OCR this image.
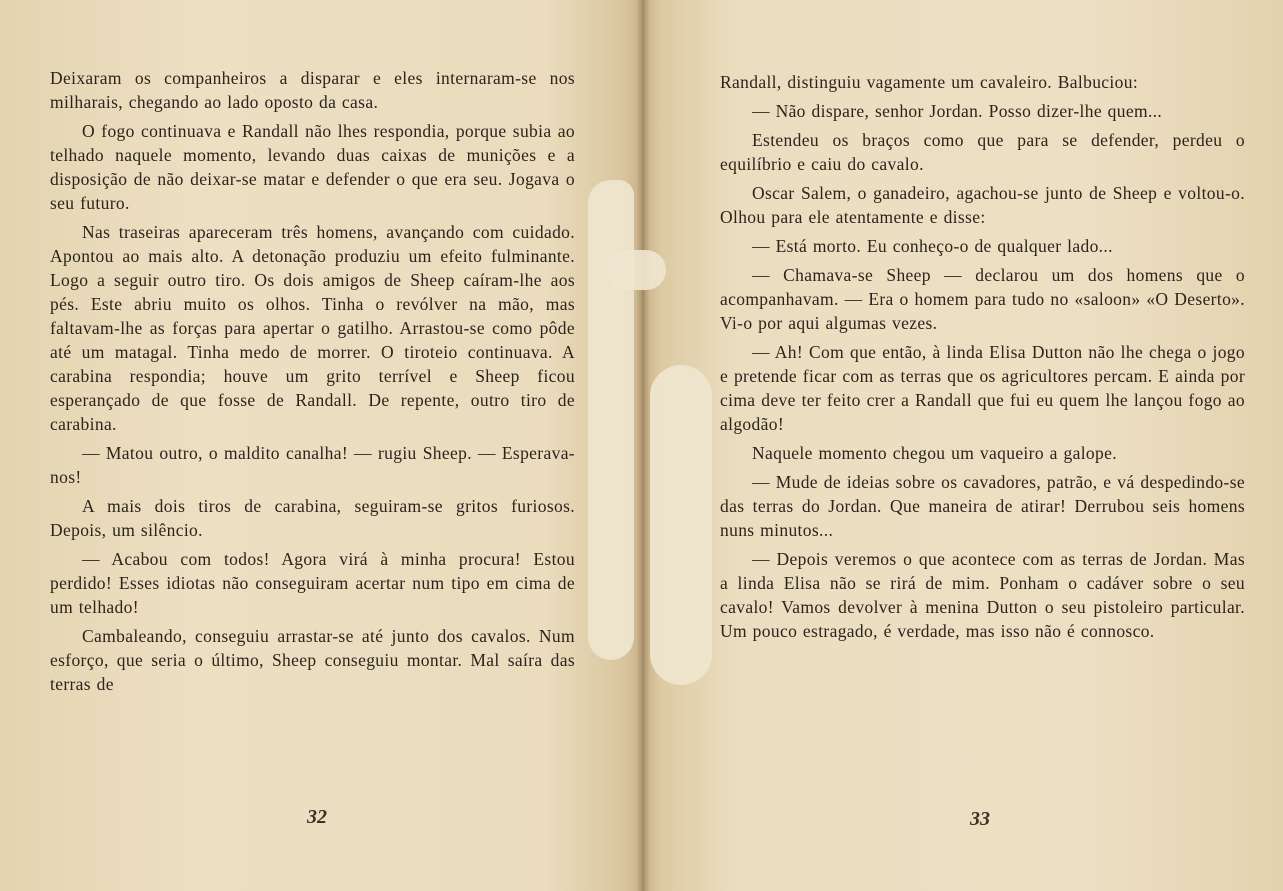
Deixaram os companheiros a disparar e eles internaram-se nos milharais, chegando ao lado oposto da casa.

O fogo continuava e Randall não lhes respondia, porque subia ao telhado naquele momento, levando duas caixas de munições e a disposição de não deixar-se matar e defender o que era seu. Jogava o seu futuro.

Nas traseiras apareceram três homens, avançando com cuidado. Apontou ao mais alto. A detonação produziu um efeito fulminante. Logo a seguir outro tiro. Os dois amigos de Sheep caíram-lhe aos pés. Este abriu muito os olhos. Tinha o revólver na mão, mas faltavam-lhe as forças para apertar o gatilho. Arrastou-se como pôde até um matagal. Tinha medo de morrer. O tiroteio continuava. A carabina respondia; houve um grito terrível e Sheep ficou esperançado de que fosse de Randall. De repente, outro tiro de carabina.

— Matou outro, o maldito canalha! — rugiu Sheep. — Esperava-nos!

A mais dois tiros de carabina, seguiram-se gritos furiosos. Depois, um silêncio.

— Acabou com todos! Agora virá à minha procura! Estou perdido! Esses idiotas não conseguiram acertar num tipo em cima de um telhado!

Cambaleando, conseguiu arrastar-se até junto dos cavalos. Num esforço, que seria o último, Sheep conseguiu montar. Mal saíra das terras de

32

Randall, distinguiu vagamente um cavaleiro. Balbuciou:

— Não dispare, senhor Jordan. Posso dizer-lhe quem...

Estendeu os braços como que para se defender, perdeu o equilíbrio e caiu do cavalo.

Oscar Salem, o ganadeiro, agachou-se junto de Sheep e voltou-o. Olhou para ele atentamente e disse:

— Está morto. Eu conheço-o de qualquer lado...

— Chamava-se Sheep — declarou um dos homens que o acompanhavam. — Era o homem para tudo no «saloon» «O Deserto». Vi-o por aqui algumas vezes.

— Ah! Com que então, à linda Elisa Dutton não lhe chega o jogo e pretende ficar com as terras que os agricultores percam. E ainda por cima deve ter feito crer a Randall que fui eu quem lhe lançou fogo ao algodão!

Naquele momento chegou um vaqueiro a galope.

— Mude de ideias sobre os cavadores, patrão, e vá despedindo-se das terras do Jordan. Que maneira de atirar! Derrubou seis homens nuns minutos...

— Depois veremos o que acontece com as terras de Jordan. Mas a linda Elisa não se rirá de mim. Ponham o cadáver sobre o seu cavalo! Vamos devolver à menina Dutton o seu pistoleiro particular. Um pouco estragado, é verdade, mas isso não é connosco.

33
